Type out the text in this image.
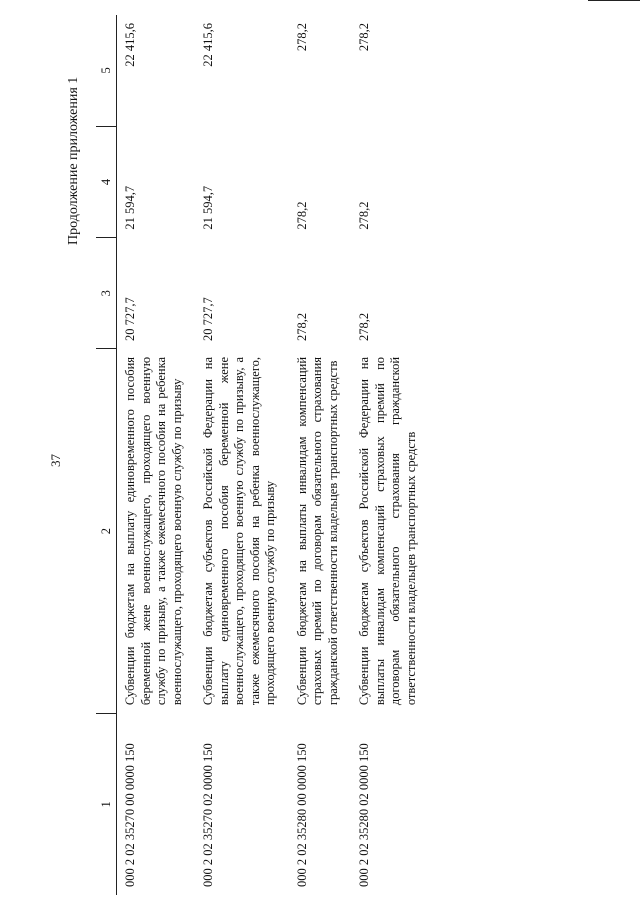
37
Продолжение приложения 1
1	2	3	4	5
000 2 02 35270 00 0000 150	Субвенции бюджетам на выплату единовременного пособия беременной жене военнослужащего, проходящего военную службу по призыву, а также ежемесячного пособия на ребенка военнослужащего, проходящего военную службу по призыву	20 727,7	21 594,7	22 415,6
000 2 02 35270 02 0000 150	Субвенции бюджетам субъектов Российской Федерации на выплату единовременного пособия беременной жене военнослужащего, проходящего военную службу по призыву, а также ежемесячного пособия на ребенка военнослужащего, проходящего военную службу по призыву	20 727,7	21 594,7	22 415,6
000 2 02 35280 00 0000 150	Субвенции бюджетам на выплаты инвалидам компенсаций страховых премий по договорам обязательного страхования гражданской ответственности владельцев транспортных средств	278,2	278,2	278,2
000 2 02 35280 02 0000 150	Субвенции бюджетам субъектов Российской Федерации на выплаты инвалидам компенсаций страховых премий по договорам обязательного страхования гражданской ответственности владельцев транспортных средств	278,2	278,2	278,2
